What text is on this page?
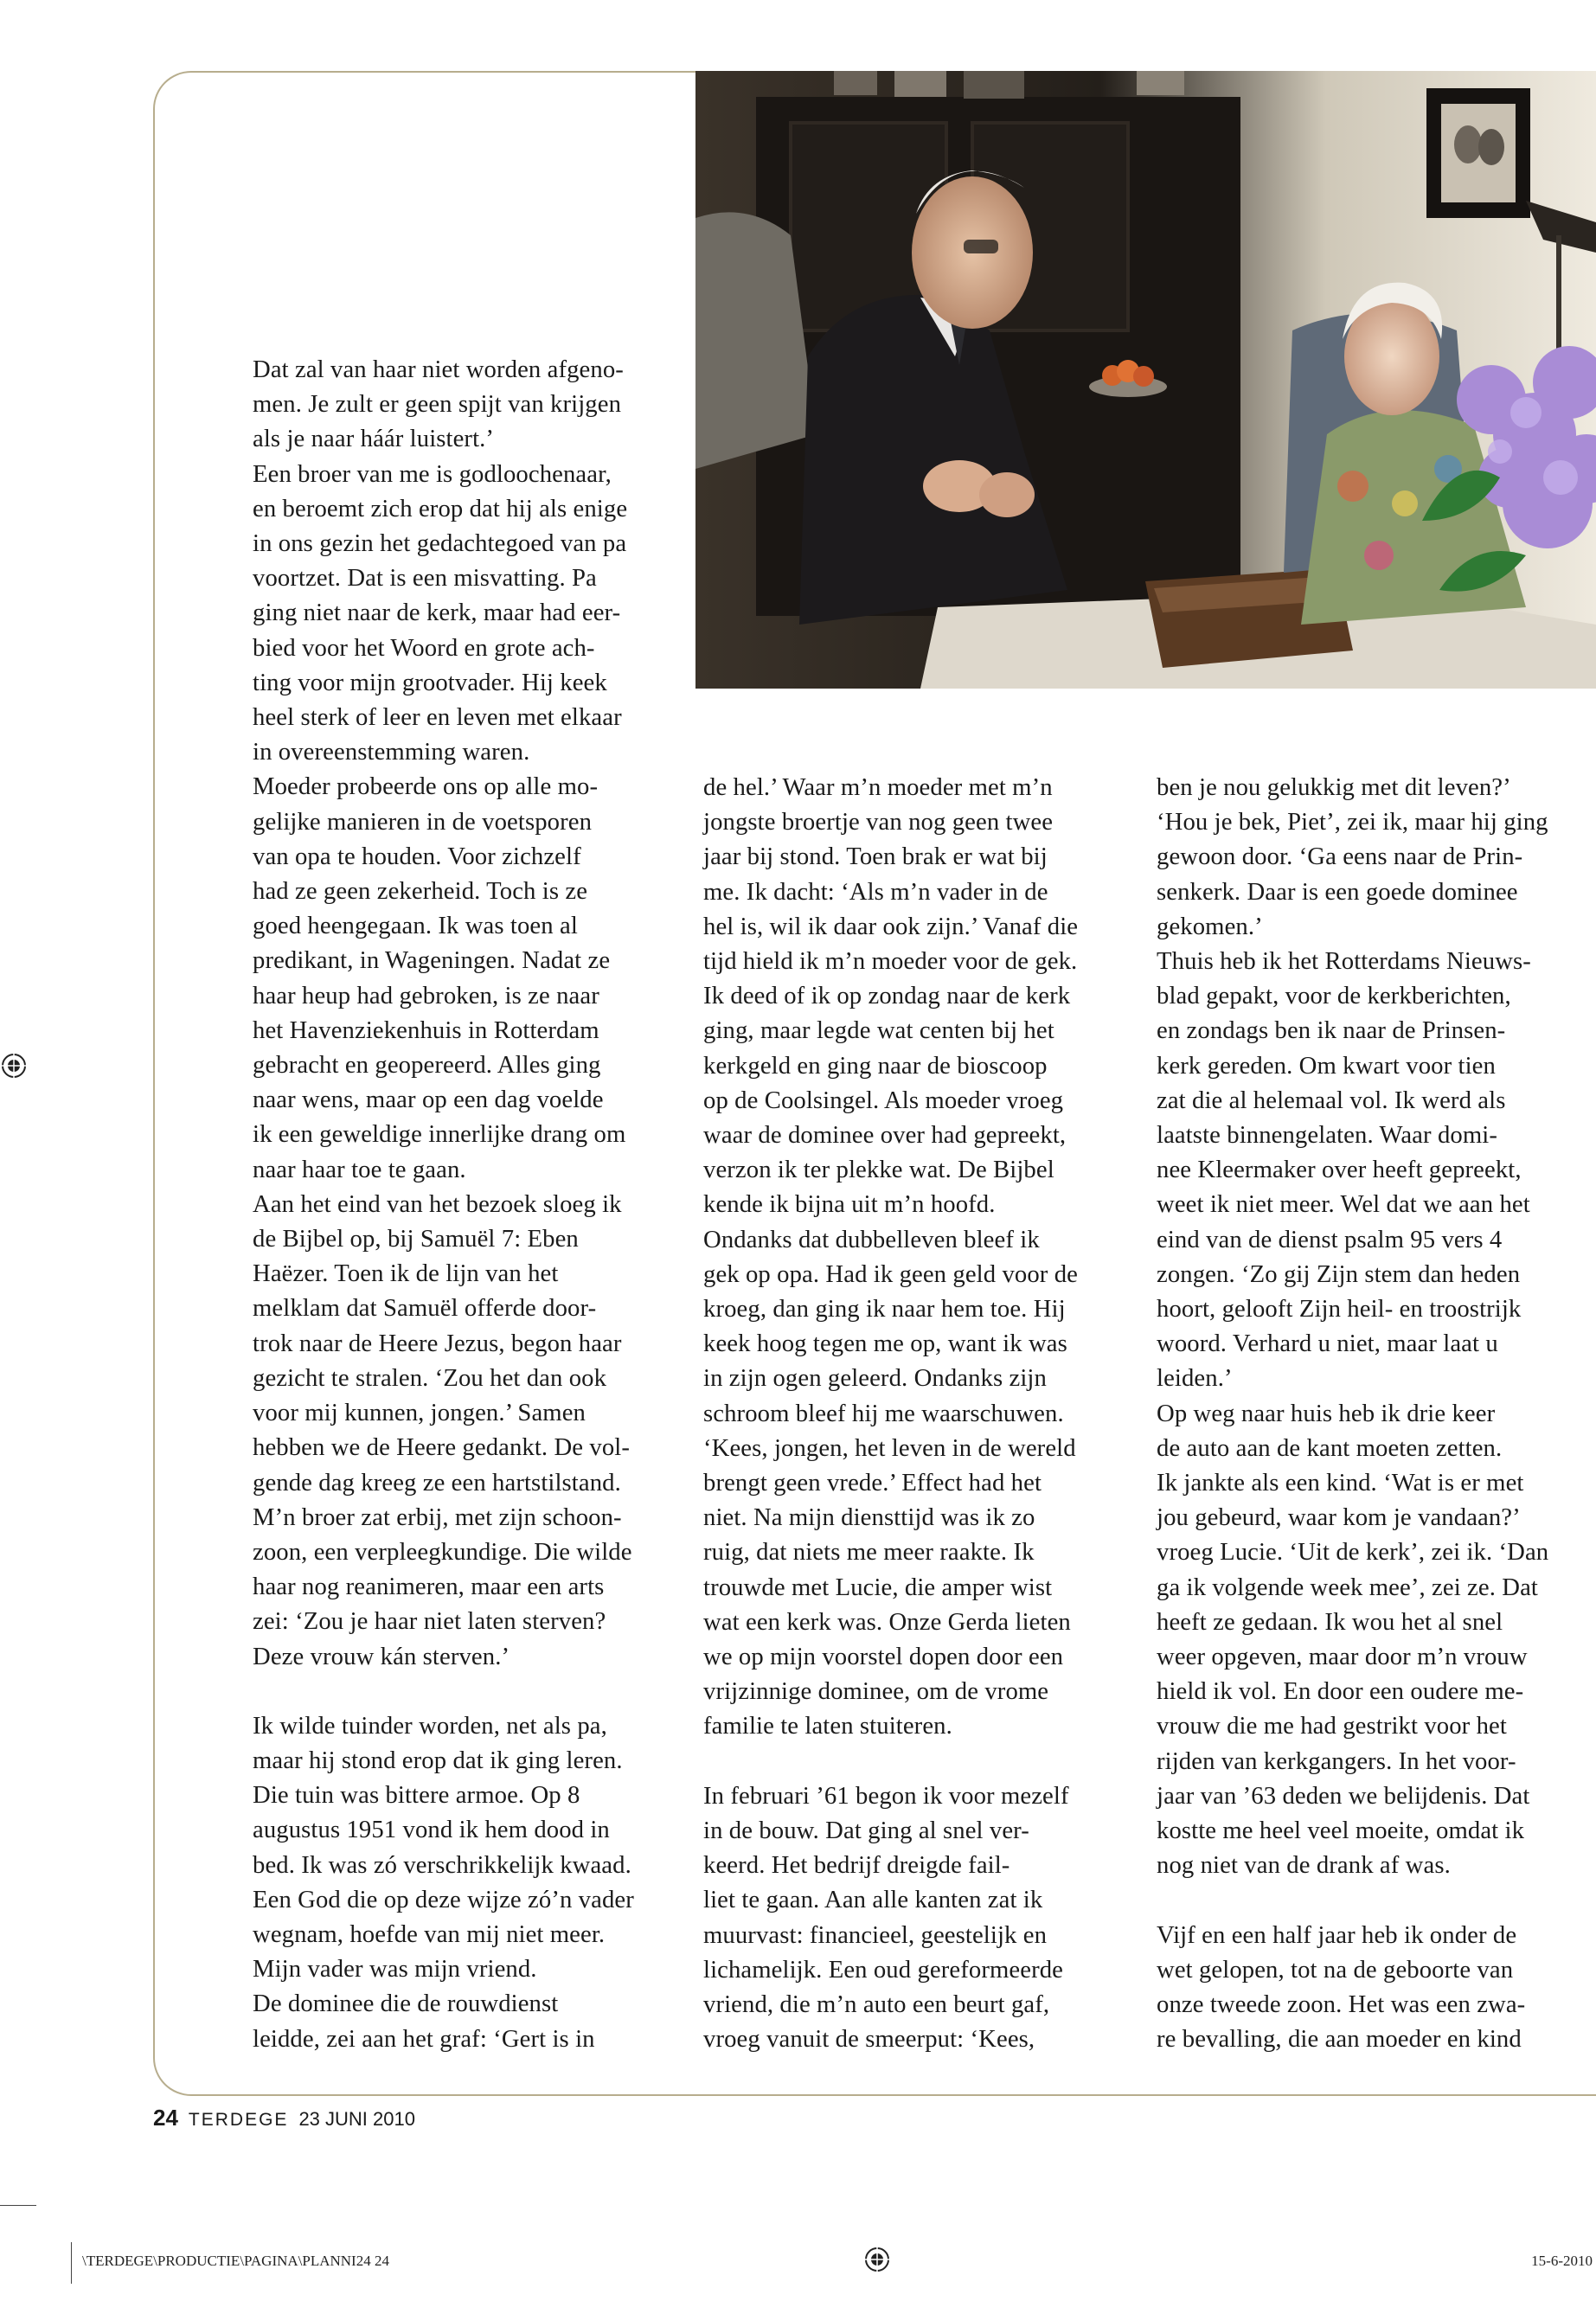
Dat zal van haar niet worden afgeno-

men. Je zult er geen spijt van krijgen

als je naar háár luistert.’

Een broer van me is godloochenaar,

en beroemt zich erop dat hij als enige

in ons gezin het gedachtegoed van pa

voortzet. Dat is een misvatting. Pa

ging niet naar de kerk, maar had eer-

bied voor het Woord en grote ach-

ting voor mijn grootvader. Hij keek

heel sterk of leer en leven met elkaar

in overeenstemming waren.

Moeder probeerde ons op alle mo-

gelijke manieren in de voetsporen

van opa te houden. Voor zichzelf

had ze geen zekerheid. Toch is ze

goed heengegaan. Ik was toen al

predikant, in Wageningen. Nadat ze

haar heup had gebroken, is ze naar

het Havenziekenhuis in Rotterdam

gebracht en geopereerd. Alles ging

naar wens, maar op een dag voelde

ik een geweldige innerlijke drang om

naar haar toe te gaan.

Aan het eind van het bezoek sloeg ik

de Bijbel op, bij Samuël 7: Eben

Haëzer. Toen ik de lijn van het

melklam dat Samuël offerde door-

trok naar de Heere Jezus, begon haar

gezicht te stralen. ‘Zou het dan ook

voor mij kunnen, jongen.’ Samen

hebben we de Heere gedankt. De vol-

gende dag kreeg ze een hartstilstand.

M’n broer zat erbij, met zijn schoon-

zoon, een verpleegkundige. Die wilde

haar nog reanimeren, maar een arts

zei: ‘Zou je haar niet laten sterven?

Deze vrouw kán sterven.’

Ik wilde tuinder worden, net als pa,

maar hij stond erop dat ik ging leren.

Die tuin was bittere armoe. Op 8

augustus 1951 vond ik hem dood in

bed. Ik was zó verschrikkelijk kwaad.

Een God die op deze wijze zó’n vader

wegnam, hoefde van mij niet meer.

Mijn vader was mijn vriend.

De dominee die de rouwdienst

leidde, zei aan het graf: ‘Gert is in

de hel.’ Waar m’n moeder met m’n

jongste broertje van nog geen twee

jaar bij stond. Toen brak er wat bij

me. Ik dacht: ‘Als m’n vader in de

hel is, wil ik daar ook zijn.’ Vanaf die

tijd hield ik m’n moeder voor de gek.

Ik deed of ik op zondag naar de kerk

ging, maar legde wat centen bij het

kerkgeld en ging naar de bioscoop

op de Coolsingel. Als moeder vroeg

waar de dominee over had gepreekt,

verzon ik ter plekke wat. De Bijbel

kende ik bijna uit m’n hoofd.

Ondanks dat dubbelleven bleef ik

gek op opa. Had ik geen geld voor de

kroeg, dan ging ik naar hem toe. Hij

keek hoog tegen me op, want ik was

in zijn ogen geleerd. Ondanks zijn

schroom bleef hij me waarschuwen.

‘Kees, jongen, het leven in de wereld

brengt geen vrede.’ Effect had het

niet. Na mijn diensttijd was ik zo

ruig, dat niets me meer raakte. Ik

trouwde met Lucie, die amper wist

wat een kerk was. Onze Gerda lieten

we op mijn voorstel dopen door een

vrijzinnige dominee, om de vrome

familie te laten stuiteren.

In februari ’61 begon ik voor mezelf

in de bouw. Dat ging al snel ver-

keerd. Het bedrijf dreigde fail-

liet te gaan. Aan alle kanten zat ik

muurvast: financieel, geestelijk en

lichamelijk. Een oud gereformeerde

vriend, die m’n auto een beurt gaf,

vroeg vanuit de smeerput: ‘Kees,

ben je nou gelukkig met dit leven?’

‘Hou je bek, Piet’, zei ik, maar hij ging

gewoon door. ‘Ga eens naar de Prin-

senkerk. Daar is een goede dominee

gekomen.’

Thuis heb ik het Rotterdams Nieuws-

blad gepakt, voor de kerkberichten,

en zondags ben ik naar de Prinsen-

kerk gereden. Om kwart voor tien

zat die al helemaal vol. Ik werd als

laatste binnengelaten. Waar domi-

nee Kleermaker over heeft gepreekt,

weet ik niet meer. Wel dat we aan het

eind van de dienst psalm 95 vers 4

zongen. ‘Zo gij Zijn stem dan heden

hoort, gelooft Zijn heil- en troostrijk

woord. Verhard u niet, maar laat u

leiden.’

Op weg naar huis heb ik drie keer

de auto aan de kant moeten zetten.

Ik jankte als een kind. ‘Wat is er met

jou gebeurd, waar kom je vandaan?’

vroeg Lucie. ‘Uit de kerk’, zei ik. ‘Dan

ga ik volgende week mee’, zei ze. Dat

heeft ze gedaan. Ik wou het al snel

weer opgeven, maar door m’n vrouw

hield ik vol. En door een oudere me-

vrouw die me had gestrikt voor het

rijden van kerkgangers. In het voor-

jaar van ’63 deden we belijdenis. Dat

kostte me heel veel moeite, omdat ik

nog niet van de drank af was.

Vijf en een half jaar heb ik onder de

wet gelopen, tot na de geboorte van

onze tweede zoon. Het was een zwa-

re bevalling, die aan moeder en kind

24 TERDEGE 23 JUNI 2010
\TERDEGE\PRODUCTIE\PAGINA\PLANNI24 24	15-6-2010
